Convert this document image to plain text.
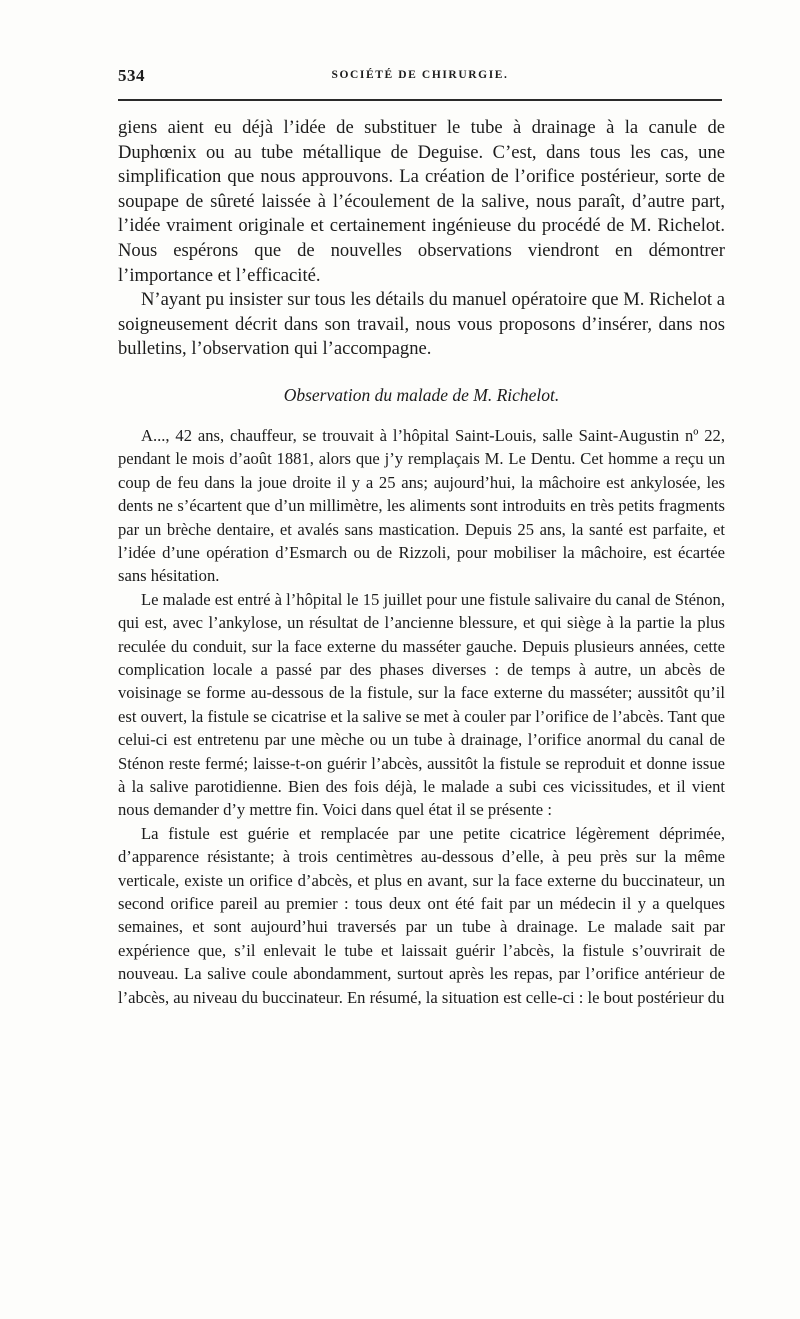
534	SOCIÉTÉ DE CHIRURGIE.

giens aient eu déjà l’idée de substituer le tube à drainage à la canule de Duphœnix ou au tube métallique de Deguise. C’est, dans tous les cas, une simplification que nous approuvons. La création de l’orifice postérieur, sorte de soupape de sûreté laissée à l’écoulement de la salive, nous paraît, d’autre part, l’idée vraiment originale et certainement ingénieuse du procédé de M. Richelot. Nous espérons que de nouvelles observations viendront en démontrer l’importance et l’efficacité.

N’ayant pu insister sur tous les détails du manuel opératoire que M. Richelot a soigneusement décrit dans son travail, nous vous proposons d’insérer, dans nos bulletins, l’observation qui l’accompagne.

Observation du malade de M. Richelot.

A..., 42 ans, chauffeur, se trouvait à l’hôpital Saint-Louis, salle Saint-Augustin nº 22, pendant le mois d’août 1881, alors que j’y remplaçais M. Le Dentu. Cet homme a reçu un coup de feu dans la joue droite il y a 25 ans; aujourd’hui, la mâchoire est ankylosée, les dents ne s’écartent que d’un millimètre, les aliments sont introduits en très petits fragments par un brèche dentaire, et avalés sans mastication. Depuis 25 ans, la santé est parfaite, et l’idée d’une opération d’Esmarch ou de Rizzoli, pour mobiliser la mâchoire, est écartée sans hésitation.

Le malade est entré à l’hôpital le 15 juillet pour une fistule salivaire du canal de Sténon, qui est, avec l’ankylose, un résultat de l’ancienne blessure, et qui siège à la partie la plus reculée du conduit, sur la face externe du masséter gauche. Depuis plusieurs années, cette complication locale a passé par des phases diverses : de temps à autre, un abcès de voisinage se forme au-dessous de la fistule, sur la face externe du masséter; aussitôt qu’il est ouvert, la fistule se cicatrise et la salive se met à couler par l’orifice de l’abcès. Tant que celui-ci est entretenu par une mèche ou un tube à drainage, l’orifice anormal du canal de Sténon reste fermé; laisse-t-on guérir l’abcès, aussitôt la fistule se reproduit et donne issue à la salive parotidienne. Bien des fois déjà, le malade a subi ces vicissitudes, et il vient nous demander d’y mettre fin. Voici dans quel état il se présente :

La fistule est guérie et remplacée par une petite cicatrice légèrement déprimée, d’apparence résistante; à trois centimètres au-dessous d’elle, à peu près sur la même verticale, existe un orifice d’abcès, et plus en avant, sur la face externe du buccinateur, un second orifice pareil au premier : tous deux ont été fait par un médecin il y a quelques semaines, et sont aujourd’hui traversés par un tube à drainage. Le malade sait par expérience que, s’il enlevait le tube et laissait guérir l’abcès, la fistule s’ouvrirait de nouveau. La salive coule abondamment, surtout après les repas, par l’orifice antérieur de l’abcès, au niveau du buccinateur. En résumé, la situation est celle-ci : le bout postérieur du
